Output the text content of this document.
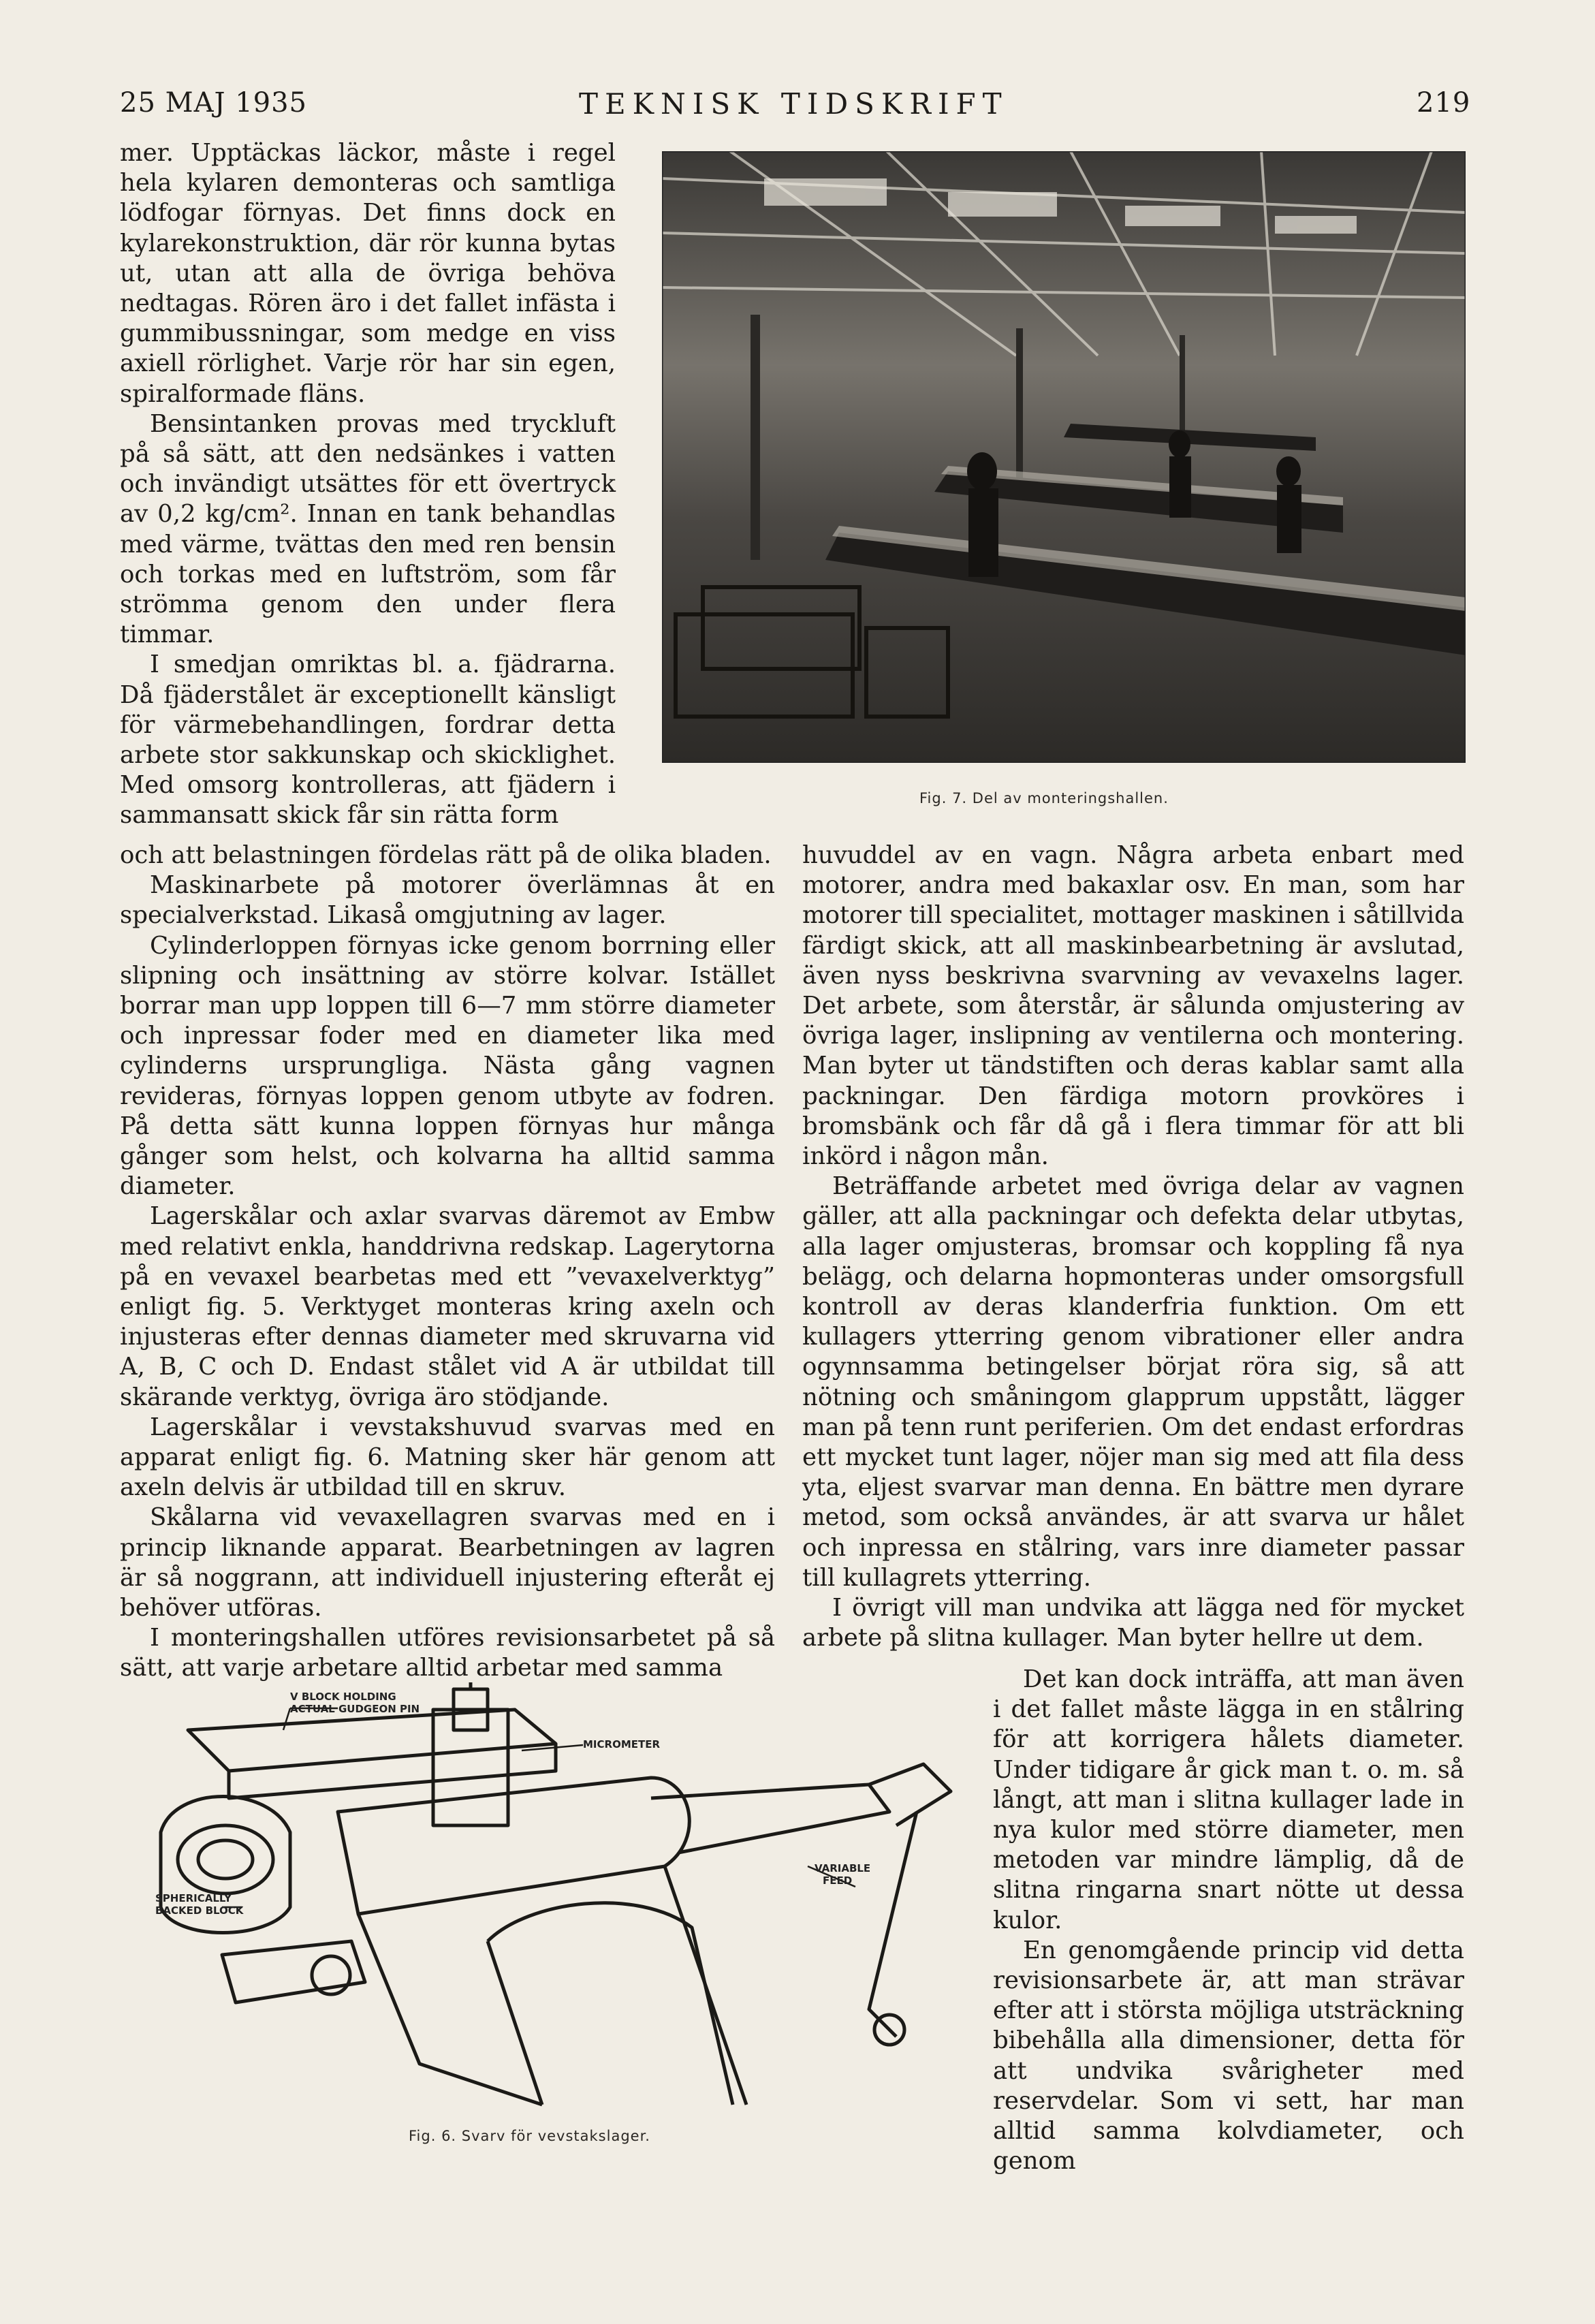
25 MAJ 1935	TEKNISK TIDSKRIFT	219

mer. Upptäckas läckor, måste i regel hela kylaren demonteras och samtliga lödfogar förnyas. Det finns dock en kylarekonstruktion, där rör kunna bytas ut, utan att alla de övriga behöva nedtagas. Rören äro i det fallet infästa i gummibussningar, som medge en viss axiell rörlighet. Varje rör har sin egen, spiralformade fläns.

Bensintanken provas med tryckluft på så sätt, att den nedsänkes i vatten och invändigt utsättes för ett övertryck av 0,2 kg/cm². Innan en tank behandlas med värme, tvättas den med ren bensin och torkas med en luftström, som får strömma genom den under flera timmar.

I smedjan omriktas bl. a. fjädrarna. Då fjäderstålet är exceptionellt känsligt för värmebehandlingen, fordrar detta arbete stor sakkunskap och skicklighet. Med omsorg kontrolleras, att fjädern i sammansatt skick får sin rätta form

Fig. 7. Del av monteringshallen.

och att belastningen fördelas rätt på de olika bladen.

Maskinarbete på motorer överlämnas åt en specialverkstad. Likaså omgjutning av lager.

Cylinderloppen förnyas icke genom borrning eller slipning och insättning av större kolvar. Istället borrar man upp loppen till 6—7 mm större diameter och inpressar foder med en diameter lika med cylinderns ursprungliga. Nästa gång vagnen revideras, förnyas loppen genom utbyte av fodren. På detta sätt kunna loppen förnyas hur många gånger som helst, och kolvarna ha alltid samma diameter.

Lagerskålar och axlar svarvas däremot av Embw med relativt enkla, handdrivna redskap. Lagerytorna på en vevaxel bearbetas med ett ”vevaxelverktyg” enligt fig. 5. Verktyget monteras kring axeln och injusteras efter dennas diameter med skruvarna vid A, B, C och D. Endast stålet vid A är utbildat till skärande verktyg, övriga äro stödjande.

Lagerskålar i vevstakshuvud svarvas med en apparat enligt fig. 6. Matning sker här genom att axeln delvis är utbildad till en skruv.

Skålarna vid vevaxellagren svarvas med en i princip liknande apparat. Bearbetningen av lagren är så noggrann, att individuell injustering efteråt ej behöver utföras.

I monteringshallen utföres revisionsarbetet på så sätt, att varje arbetare alltid arbetar med samma

huvuddel av en vagn. Några arbeta enbart med motorer, andra med bakaxlar osv. En man, som har motorer till specialitet, mottager maskinen i såtillvida färdigt skick, att all maskinbearbetning är avslutad, även nyss beskrivna svarvning av vevaxelns lager. Det arbete, som återstår, är sålunda omjustering av övriga lager, inslipning av ventilerna och montering. Man byter ut tändstiften och deras kablar samt alla packningar. Den färdiga motorn provköres i bromsbänk och får då gå i flera timmar för att bli inkörd i någon mån.

Beträffande arbetet med övriga delar av vagnen gäller, att alla packningar och defekta delar utbytas, alla lager omjusteras, bromsar och koppling få nya belägg, och delarna hopmonteras under omsorgsfull kontroll av deras klanderfria funktion. Om ett kullagers ytterring genom vibrationer eller andra ogynnsamma betingelser börjat röra sig, så att nötning och småningom glapprum uppstått, lägger man på tenn runt periferien. Om det endast erfordras ett mycket tunt lager, nöjer man sig med att fila dess yta, eljest svarvar man denna. En bättre men dyrare metod, som också användes, är att svarva ur hålet och inpressa en stålring, vars inre diameter passar till kullagrets ytterring.

I övrigt vill man undvika att lägga ned för mycket arbete på slitna kullager. Man byter hellre ut dem.

Det kan dock inträffa, att man även i det fallet måste lägga in en stålring för att korrigera hålets diameter. Under tidigare år gick man t. o. m. så långt, att man i slitna kullager lade in nya kulor med större diameter, men metoden var mindre lämplig, då de slitna ringarna snart nötte ut dessa kulor.

En genomgående princip vid detta revisionsarbete är, att man strävar efter att i största möjliga utsträckning bibehålla alla dimensioner, detta för att undvika svårigheter med reservdelar. Som vi sett, har man alltid samma kolvdiameter, och genom

V BLOCK HOLDING
ACTUAL GUDGEON PIN
MICROMETER
VARIABLE
FEED
SPHERICALLY
BACKED BLOCK
Fig. 6. Svarv för vevstakslager.
